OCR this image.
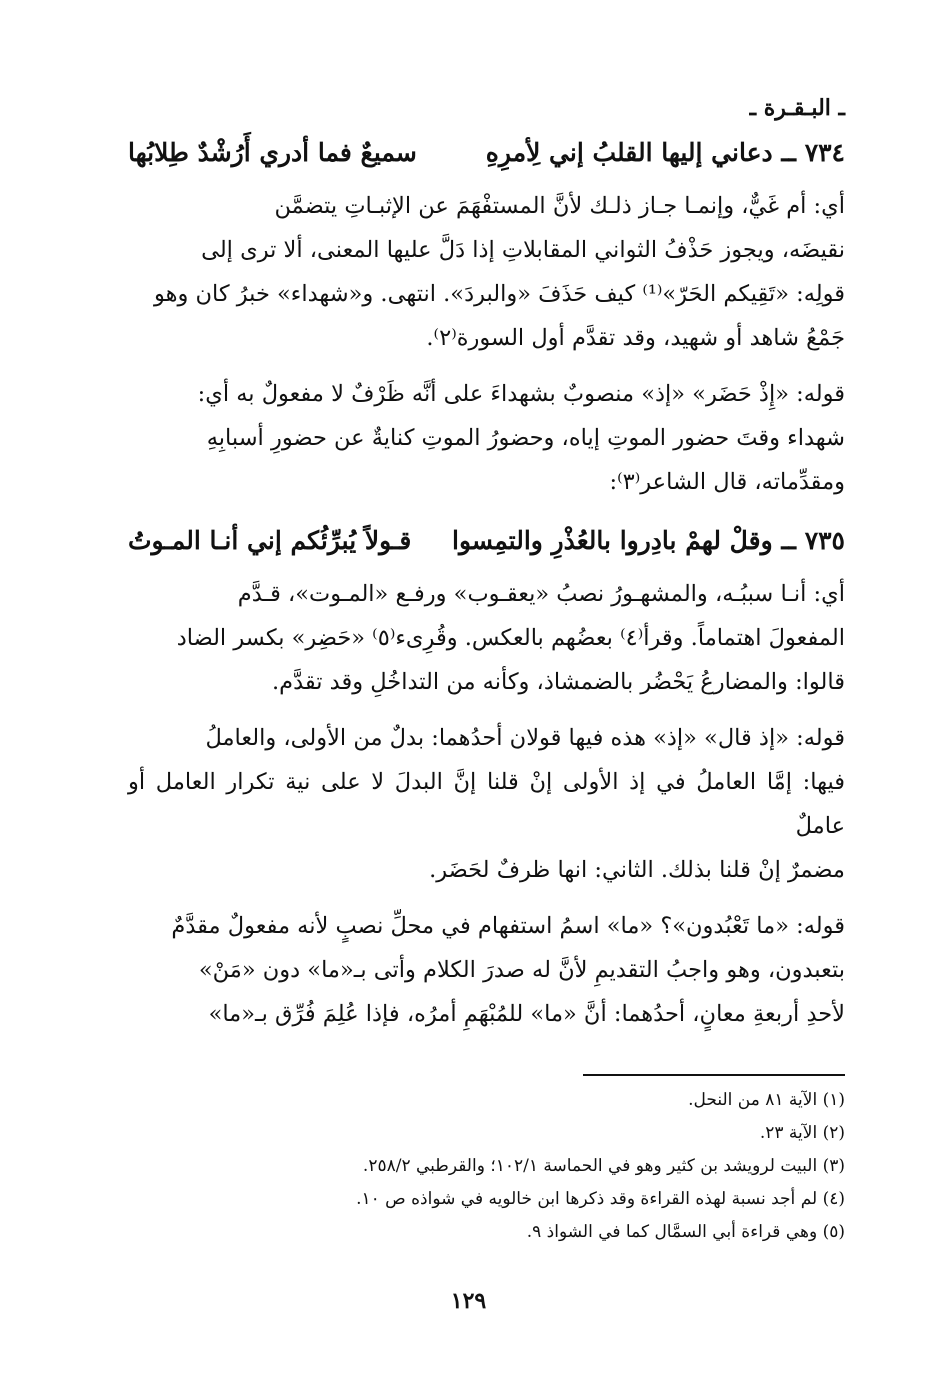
ـ البـقـرة ـ
٧٣٤ ــ دعاني إليها القلبُ إني لِأمرِهِ
سميعٌ فما أدري أَرُشْدٌ طِلابُها

أي: أم غَيٌّ، وإنمـا جـاز ذلـك لأنَّ المستفْهَمَ عن الإثبـاتِ يتضمَّن

نقيضَه، ويجوز حَذْفُ الثواني المقابلاتِ إذا دَلَّ عليها المعنى، ألا ترى إلى

قولِه: «تَقِيكم الحَرّ»⁽¹⁾ كيف حَذَفَ «والبردَ». انتهى. و«شهداء» خبرُ كان وهو

جَمْعُ شاهد أو شهيد، وقد تقدَّم أول السورة⁽٢⁾.

قوله: «إِذْ حَضَر» «إذ» منصوبٌ بشهداءَ على أنَّه ظَرْفٌ لا مفعولٌ به أي:

شهداء وقتَ حضور الموتِ إياه، وحضورُ الموتِ كنايةٌ عن حضورِ أسبابِهِ

ومقدِّماته، قال الشاعر⁽٣⁾:

٧٣٥ ــ وقلْ لهمْ بادِروا بالعُذْرِ والتمِسوا
قـولاً يُبرِّئُكم إني أنـا المـوتُ

أي: أنـا سببُـه، والمشهـورُ نصبُ «يعقـوب» ورفـع «المـوت»، قـدَّم

المفعولَ اهتماماً. وقرأ⁽٤⁾ بعضُهم بالعكس. وقُرِىء⁽٥⁾ «حَضِر» بكسر الضاد

قالوا: والمضارعُ يَحْضُر بالضمشاذ، وكأنه من التداخُلِ وقد تقدَّم.

قوله: «إذ قال» «إذ» هذه فيها قولان أحدُهما: بدلٌ من الأولى، والعاملُ

فيها: إمَّا العاملُ في إذ الأولى إنْ قلنا إنَّ البدلَ لا على نية تكرار العامل أو عاملٌ

مضمرٌ إنْ قلنا بذلك. الثاني: انها ظرفٌ لحَضَر.

قوله: «ما تَعْبُدون»؟ «ما» اسمُ استفهام في محلِّ نصبٍ لأنه مفعولٌ مقدَّمٌ

بتعبدون، وهو واجبُ التقديمِ لأنَّ له صدرَ الكلام وأتى بـ«ما» دون «مَنْ»

لأحدِ أربعةِ معانٍ، أحدُهما: أنَّ «ما» للمُبْهَمِ أمرُه، فإذا عُلِمَ فُرِّق بـ«ما»

(١) الآية ٨١ من النحل.
(٢) الآية ٢٣.
(٣) البيت لرويشد بن كثير وهو في الحماسة ١٠٢/١؛ والقرطبي ٢٥٨/٢.
(٤) لم أجد نسبة لهذه القراءة وقد ذكرها ابن خالويه في شواذه ص ١٠.
(٥) وهي قراءة أبي السمَّال كما في الشواذ ٩.
١٢٩
